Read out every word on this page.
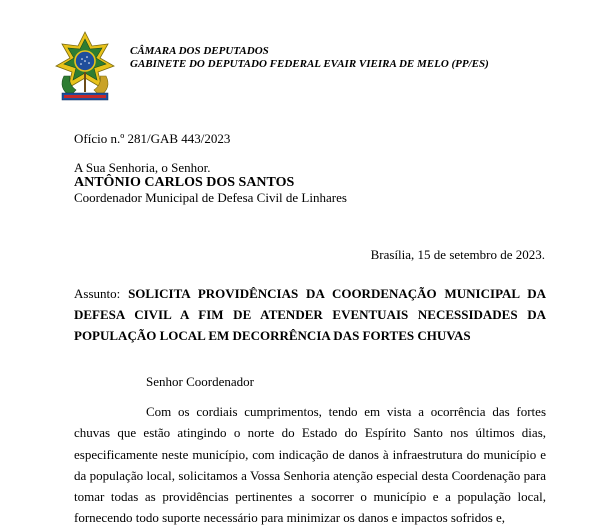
CÂMARA DOS DEPUTADOS
GABINETE DO DEPUTADO FEDERAL EVAIR VIEIRA DE MELO (PP/ES)
Ofício n.º 281/GAB 443/2023
A Sua Senhoria, o Senhor.
ANTÔNIO CARLOS DOS SANTOS
Coordenador Municipal de Defesa Civil de Linhares
Brasília, 15 de setembro de 2023.
Assunto: SOLICITA PROVIDÊNCIAS DA COORDENAÇÃO MUNICIPAL DA DEFESA CIVIL A FIM DE ATENDER EVENTUAIS NECESSIDADES DA POPULAÇÃO LOCAL EM DECORRÊNCIA DAS FORTES CHUVAS
Senhor Coordenador

Com os cordiais cumprimentos, tendo em vista a ocorrência das fortes chuvas que estão atingindo o norte do Estado do Espírito Santo nos últimos dias, especificamente neste município, com indicação de danos à infraestrutura do município e da população local, solicitamos a Vossa Senhoria atenção especial desta Coordenação para tomar todas as providências pertinentes a socorrer o município e a população local, fornecendo todo suporte necessário para minimizar os danos e impactos sofridos e,
